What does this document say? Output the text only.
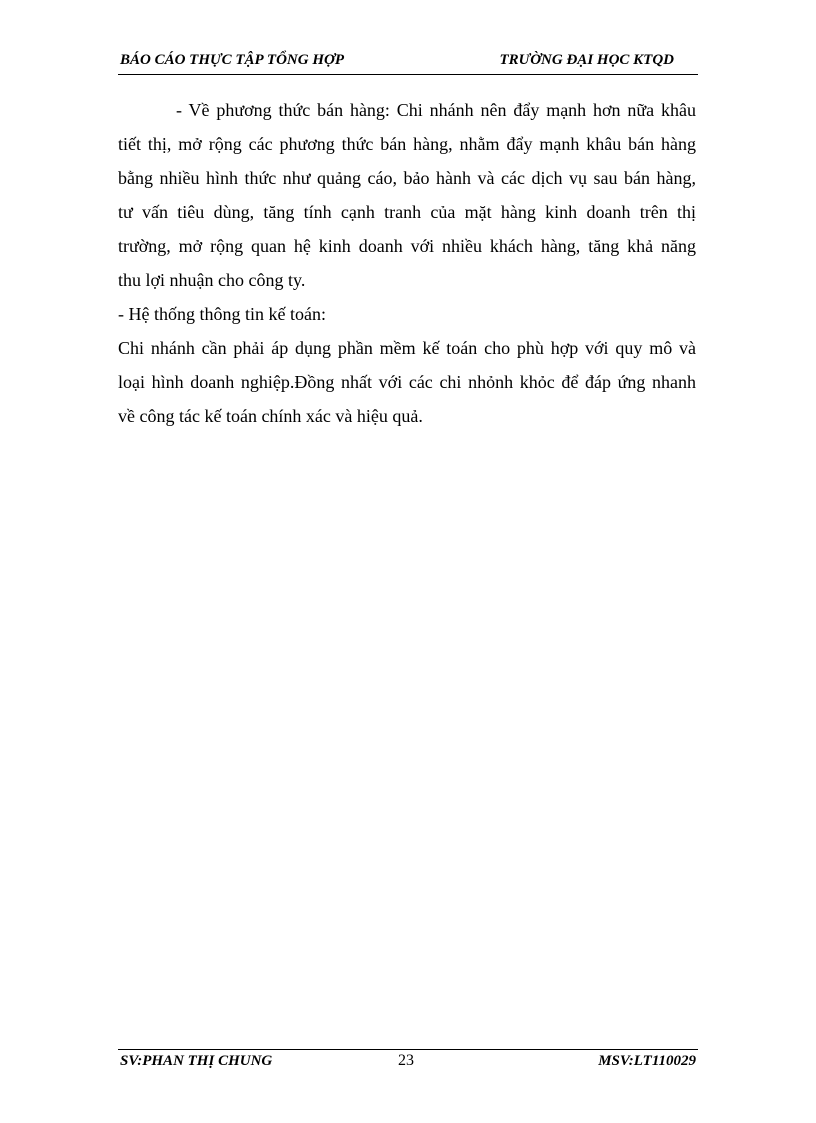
BÁO CÁO THỰC TẬP TỔNG HỢP	TRƯỜNG ĐẠI HỌC KTQD
- Về phương thức bán hàng: Chi nhánh nên đẩy mạnh hơn nữa khâu
tiết thị, mở rộng các phương thức bán hàng, nhằm đẩy mạnh khâu bán hàng
bằng nhiều hình thức như quảng cáo, bảo hành và các dịch vụ sau bán hàng,
tư vấn tiêu dùng, tăng tính cạnh tranh của mặt hàng kinh doanh trên thị
trường, mở rộng quan hệ kinh doanh với nhiều khách hàng, tăng khả năng
thu lợi nhuận cho công ty.
- Hệ thống thông tin kế toán:
Chi nhánh cần phải áp dụng phần mềm kế toán cho phù hợp với quy mô và
loại hình doanh nghiệp.Đồng nhất với các chi nhỏnh khỏc để đáp ứng nhanh
về công tác kế toán chính xác và hiệu quả.
SV:PHAN THỊ CHUNG	23	MSV:LT110029
